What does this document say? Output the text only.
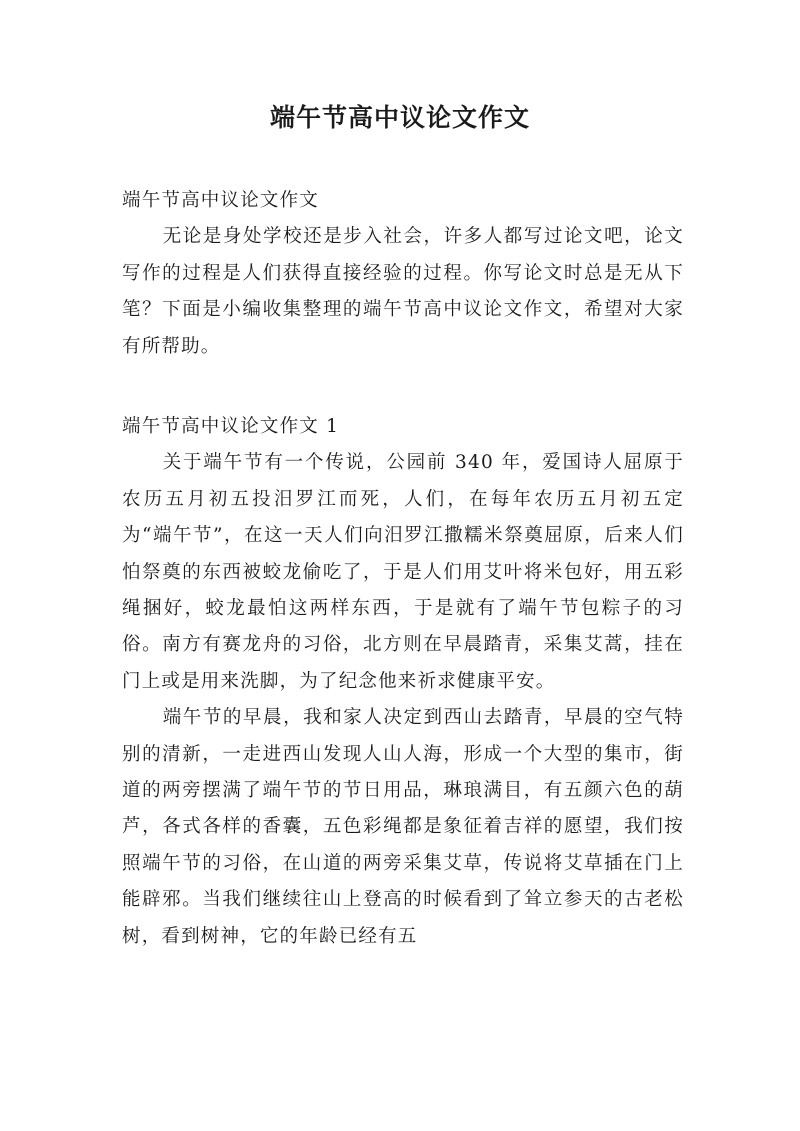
端午节高中议论文作文

端午节高中议论文作文

无论是身处学校还是步入社会，许多人都写过论文吧，论文写作的过程是人们获得直接经验的过程。你写论文时总是无从下笔？下面是小编收集整理的端午节高中议论文作文，希望对大家有所帮助。

端午节高中议论文作文 1

关于端午节有一个传说，公园前 340 年，爱国诗人屈原于农历五月初五投汨罗江而死，人们，在每年农历五月初五定为“端午节”，在这一天人们向汨罗江撒糯米祭奠屈原，后来人们怕祭奠的东西被蛟龙偷吃了，于是人们用艾叶将米包好，用五彩绳捆好，蛟龙最怕这两样东西，于是就有了端午节包粽子的习俗。南方有赛龙舟的习俗，北方则在早晨踏青，采集艾蒿，挂在门上或是用来洗脚，为了纪念他来祈求健康平安。

端午节的早晨，我和家人决定到西山去踏青，早晨的空气特别的清新，一走进西山发现人山人海，形成一个大型的集市，街道的两旁摆满了端午节的节日用品，琳琅满目，有五颜六色的葫芦，各式各样的香囊，五色彩绳都是象征着吉祥的愿望，我们按照端午节的习俗，在山道的两旁采集艾草，传说将艾草插在门上能辟邪。当我们继续往山上登高的时候看到了耸立参天的古老松树，看到树神，它的年龄已经有五
